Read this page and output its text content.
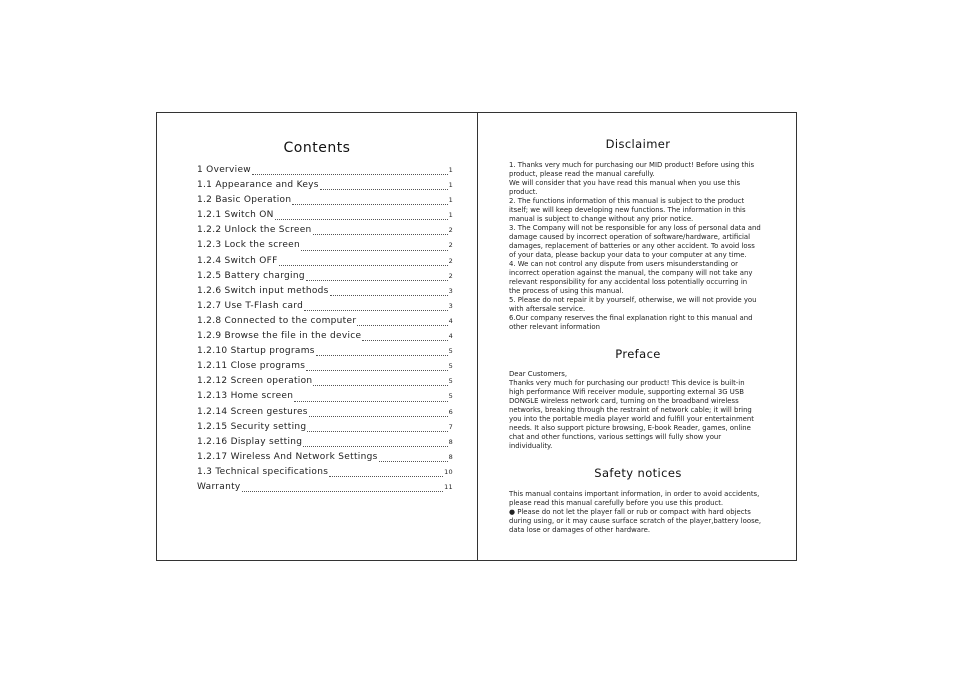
Contents
1 Overview	1
1.1 Appearance and Keys	1
1.2 Basic Operation	1
1.2.1 Switch ON	1
1.2.2 Unlock the Screen	2
1.2.3 Lock the screen	2
1.2.4 Switch OFF	2
1.2.5 Battery charging	2
1.2.6 Switch input methods	3
1.2.7 Use T-Flash card	3
1.2.8 Connected to the computer	4
1.2.9 Browse the file in the device	4
1.2.10 Startup programs	5
1.2.11 Close programs	5
1.2.12 Screen operation	5
1.2.13 Home screen	5
1.2.14 Screen gestures	6
1.2.15 Security setting	7
1.2.16 Display setting	8
1.2.17 Wireless And Network Settings	8
1.3 Technical specifications	10
Warranty	11
Disclaimer

1. Thanks very much for purchasing our MID product! Before using this

product, please read the manual carefully.

We will consider that you have read this manual when you use this

product.

2. The functions information of this manual is subject to the product

itself; we will keep developing new functions. The information in this

manual is subject to change without any prior notice.

3. The Company will not be responsible for any loss of personal data and

damage caused by incorrect operation of software/hardware, artificial

damages, replacement of batteries or any other accident. To avoid loss

of your data, please backup your data to your computer at any time.

4. We can not control any dispute from users misunderstanding or

incorrect operation against the manual, the company will not take any

relevant responsibility for any accidental loss potentially occurring in

the process of using this manual.

5. Please do not repair it by yourself, otherwise, we will not provide you

with aftersale service.

6.Our company reserves the final explanation right to this manual and

other relevant information

Preface

Dear Customers,

Thanks very much for purchasing our product! This device is built-in

high performance Wifi receiver module, supporting external 3G USB

DONGLE wireless network card, turning on the broadband wireless

networks, breaking through the restraint of network cable; it will bring

you into the portable media player world and fulfill your entertainment

needs. It also support picture browsing, E-book Reader, games, online

chat and other functions, various settings will fully show your

individuality.

Safety notices

This manual contains important information, in order to avoid accidents,

please read this manual carefully before you use this product.

● Please do not let the player fall or rub or compact with hard objects

during using, or it may cause surface scratch of the player,battery loose,

data lose or damages of other hardware.
